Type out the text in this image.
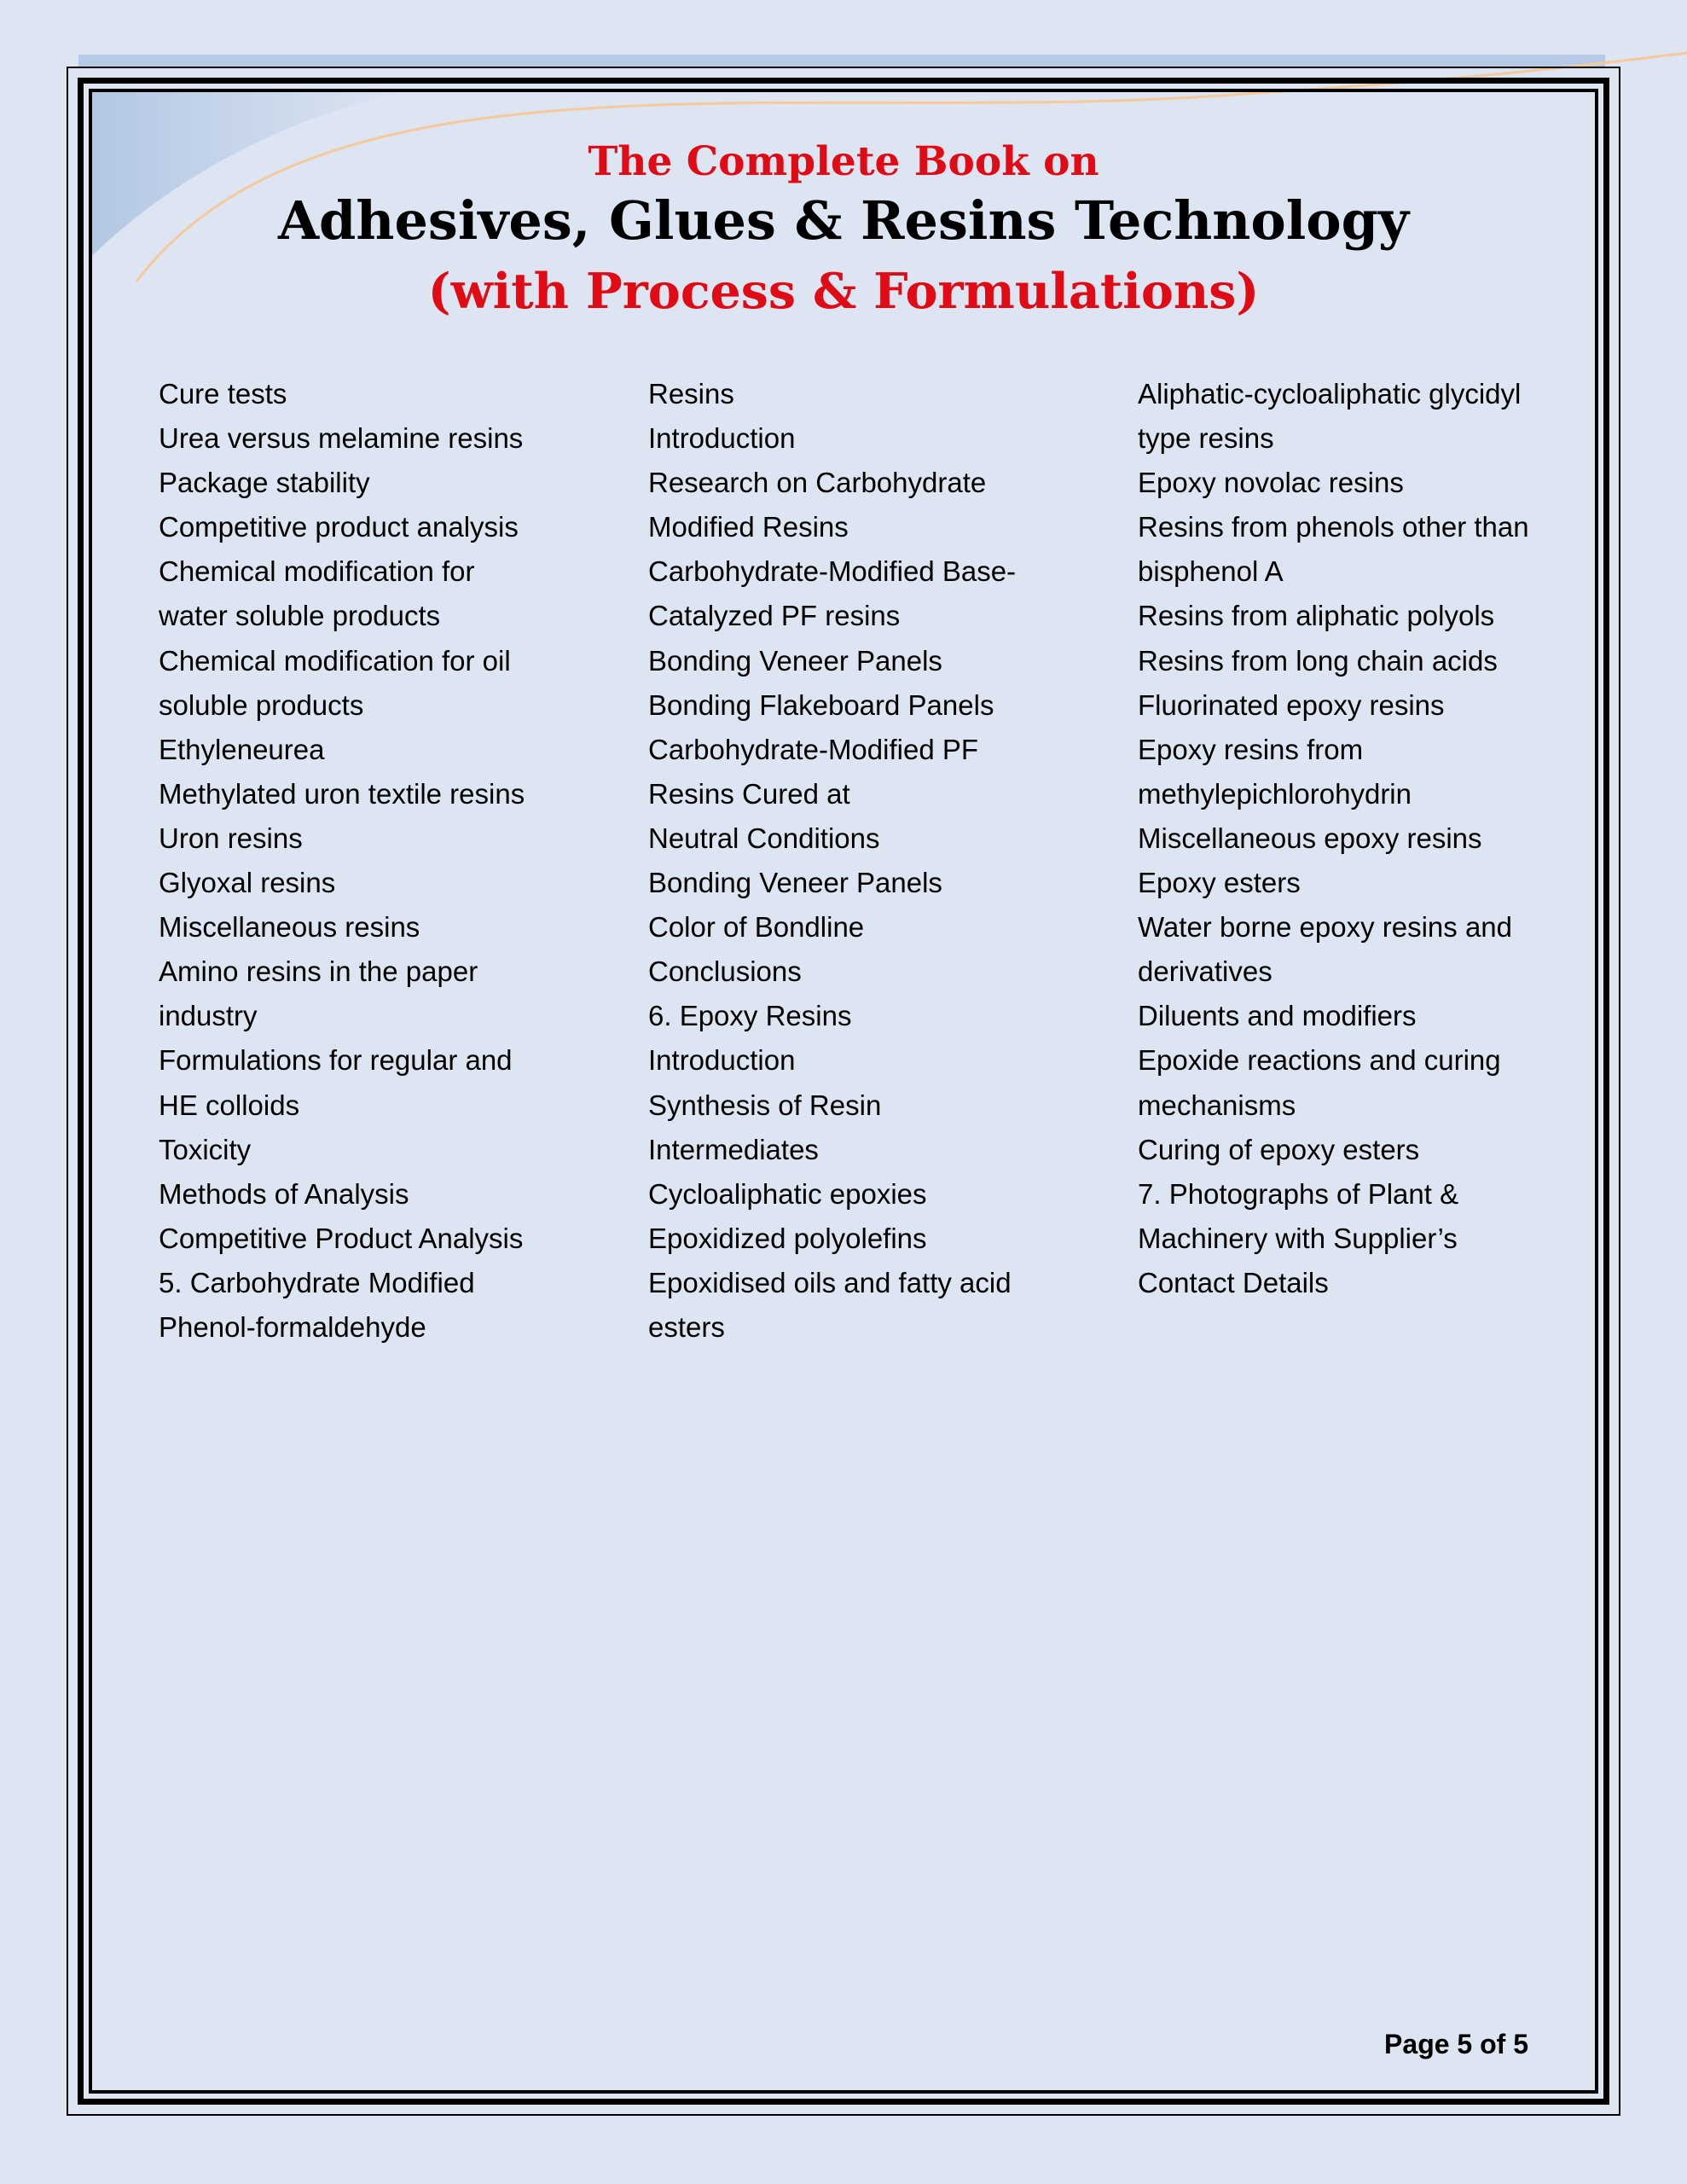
The Complete Book on
Adhesives, Glues & Resins Technology
(with Process & Formulations)
Cure tests
Urea versus melamine resins
Package stability
Competitive product analysis
Chemical modification for
water soluble products
Chemical modification for oil
soluble products
Ethyleneurea
Methylated uron textile resins
Uron resins
Glyoxal resins
Miscellaneous resins
Amino resins in the paper
industry
Formulations for regular and
HE colloids
Toxicity
Methods of Analysis
Competitive Product Analysis
5. Carbohydrate Modified
Phenol-formaldehyde
Resins
Introduction
Research on Carbohydrate
Modified Resins
Carbohydrate-Modified Base-
Catalyzed PF resins
Bonding Veneer Panels
Bonding Flakeboard Panels
Carbohydrate-Modified PF
Resins Cured at
Neutral Conditions
Bonding Veneer Panels
Color of Bondline
Conclusions
6. Epoxy Resins
Introduction
Synthesis of Resin
Intermediates
Cycloaliphatic epoxies
Epoxidized polyolefins
Epoxidised oils and fatty acid
esters
Aliphatic-cycloaliphatic glycidyl
type resins
Epoxy novolac resins
Resins from phenols other than
bisphenol A
Resins from aliphatic polyols
Resins from long chain acids
Fluorinated epoxy resins
Epoxy resins from
methylepichlorohydrin
Miscellaneous epoxy resins
Epoxy esters
Water borne epoxy resins and
derivatives
Diluents and modifiers
Epoxide reactions and curing
mechanisms
Curing of epoxy esters
7. Photographs of Plant &
Machinery with Supplier’s
Contact Details
Page 5 of 5
